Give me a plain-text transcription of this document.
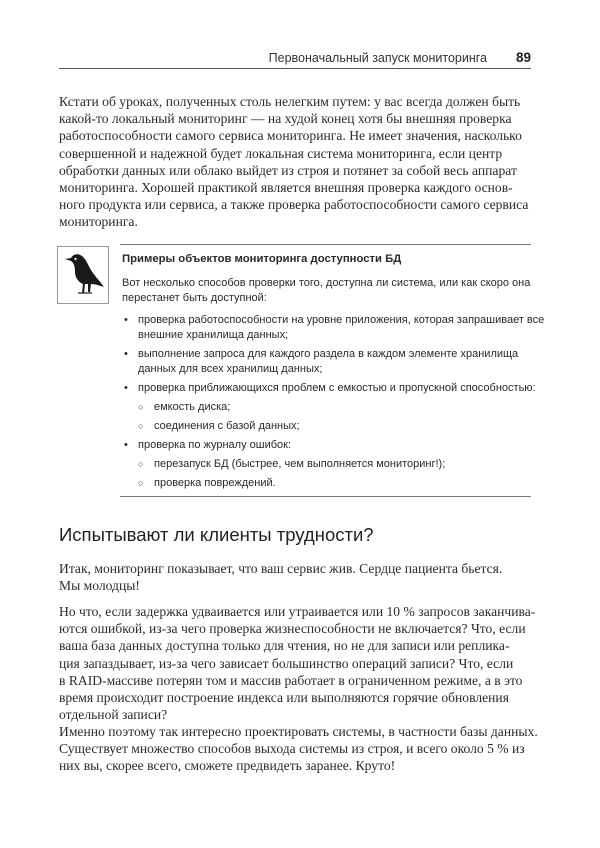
Первоначальный запуск мониторинга 89

Кстати об уроках, полученных столь нелегким путем: у вас всегда должен быть
какой-то локальный мониторинг — на худой конец хотя бы внешняя проверка
работоспособности самого сервиса мониторинга. Не имеет значения, насколько
совершенной и надежной будет локальная система мониторинга, если центр
обработки данных или облако выйдет из строя и потянет за собой весь аппарат
мониторинга. Хорошей практикой является внешняя проверка каждого основ-
ного продукта или сервиса, а также проверка работоспособности самого сервиса
мониторинга.

Примеры объектов мониторинга доступности БД
Вот несколько способов проверки того, доступна ли система, или как скоро она
перестанет быть доступной:
• проверка работоспособности на уровне приложения, которая запрашивает все
внешние хранилища данных;
• выполнение запроса для каждого раздела в каждом элементе хранилища
данных для всех хранилищ данных;
• проверка приближающихся проблем с емкостью и пропускной способностью:
○ емкость диска;
○ соединения с базой данных;
• проверка по журналу ошибок:
○ перезапуск БД (быстрее, чем выполняется мониторинг!);
○ проверка повреждений.
Испытывают ли клиенты трудности?

Итак, мониторинг показывает, что ваш сервис жив. Сердце пациента бьется.
Мы молодцы!

Но что, если задержка удваивается или утраивается или 10 % запросов заканчива-
ются ошибкой, из-за чего проверка жизнеспособности не включается? Что, если
ваша база данных доступна только для чтения, но не для записи или реплика-
ция запаздывает, из-за чего зависает большинство операций записи? Что, если
в RAID-массиве потерян том и массив работает в ограниченном режиме, а в это
время происходит построение индекса или выполняются горячие обновления
отдельной записи?

Именно поэтому так интересно проектировать системы, в частности базы данных.
Существует множество способов выхода системы из строя, и всего около 5 % из
них вы, скорее всего, сможете предвидеть заранее. Круто!
